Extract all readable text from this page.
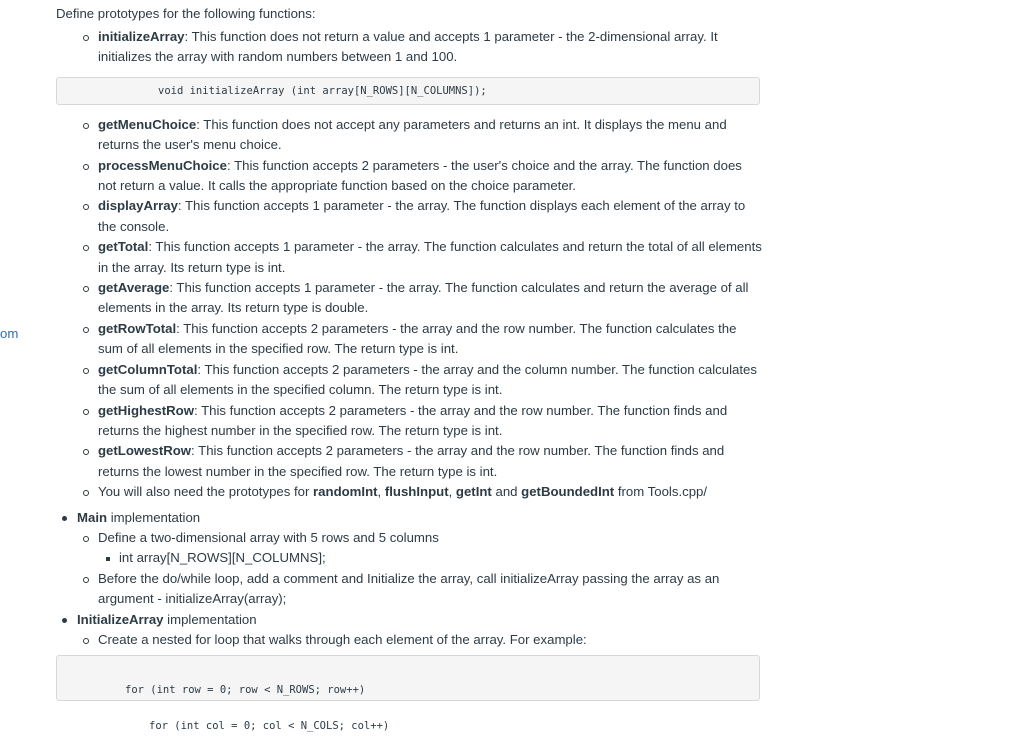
om

Define prototypes for the following functions:

initializeArray: This function does not return a value and accepts 1 parameter - the 2-dimensional array. It initializes the array with random numbers between 1 and 100.
void initializeArray (int array[N_ROWS][N_COLUMNS]);
getMenuChoice: This function does not accept any parameters and returns an int. It displays the menu and returns the user's menu choice.
processMenuChoice: This function accepts 2 parameters - the user's choice and the array. The function does not return a value. It calls the appropriate function based on the choice parameter.
displayArray: This function accepts 1 parameter - the array. The function displays each element of the array to the console.
getTotal: This function accepts 1 parameter - the array. The function calculates and return the total of all elements in the array. Its return type is int.
getAverage: This function accepts 1 parameter - the array. The function calculates and return the average of all elements in the array. Its return type is double.
getRowTotal: This function accepts 2 parameters - the array and the row number. The function calculates the sum of all elements in the specified row. The return type is int.
getColumnTotal: This function accepts 2 parameters - the array and the column number. The function calculates the sum of all elements in the specified column. The return type is int.
getHighestRow: This function accepts 2 parameters - the array and the row number. The function finds and returns the highest number in the specified row. The return type is int.
getLowestRow: This function accepts 2 parameters - the array and the row number. The function finds and returns the lowest number in the specified row. The return type is int.
You will also need the prototypes for randomInt, flushInput, getInt and getBoundedInt from Tools.cpp/
Main implementation
Define a two-dimensional array with 5 rows and 5 columns
int array[N_ROWS][N_COLUMNS];
Before the do/while loop, add a comment and Initialize the array, call initializeArray passing the array as an argument - initializeArray(array);
InitializeArray implementation
Create a nested for loop that walks through each element of the array. For example:

for (int row = 0; row < N_ROWS; row++)

for (int col = 0; col < N_COLS; col++)
